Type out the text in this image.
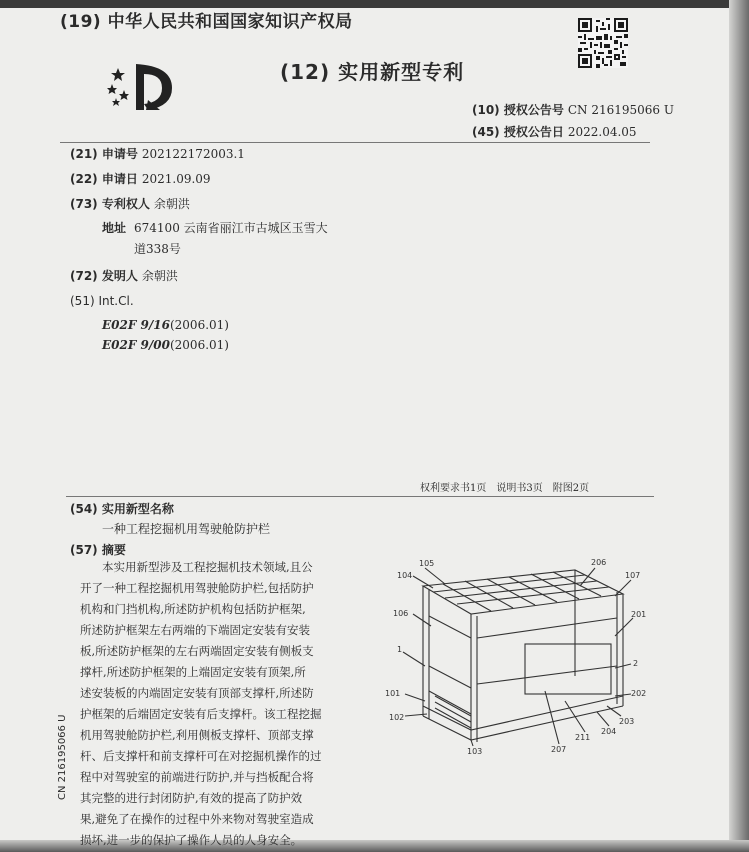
(19) 中华人民共和国国家知识产权局
(12) 实用新型专利
(10) 授权公告号 CN 216195066 U
(45) 授权公告日 2022.04.05
(21) 申请号 202122172003.1
(22) 申请日 2021.09.09
(73) 专利权人 余朝洪
地址 674100 云南省丽江市古城区玉雪大
道338号
(72) 发明人 余朝洪
(51) Int.Cl.
E02F 9/16(2006.01)
E02F 9/00(2006.01)
权利要求书1页　说明书3页　附图2页
(54) 实用新型名称
一种工程挖掘机用驾驶舱防护栏
(57) 摘要
本实用新型涉及工程挖掘机技术领域,且公
开了一种工程挖掘机用驾驶舱防护栏,包括防护
机构和门挡机构,所述防护机构包括防护框架,
所述防护框架左右两端的下端固定安装有安装
板,所述防护框架的左右两端固定安装有侧板支
撑杆,所述防护框架的上端固定安装有顶架,所
述安装板的内端固定安装有顶部支撑杆,所述防
护框架的后端固定安装有后支撑杆。该工程挖掘
机用驾驶舱防护栏,利用侧板支撑杆、顶部支撑
杆、后支撑杆和前支撑杆可在对挖掘机操作的过
程中对驾驶室的前端进行防护,并与挡板配合将
其完整的进行封闭防护,有效的提高了防护效
果,避免了在操作的过程中外来物对驾驶室造成
损坏,进一步的保护了操作人员的人身安全。
CN 216195066 U
105	206
104	107
106	201
1
2
101	202
102	203
204
211
207
103
